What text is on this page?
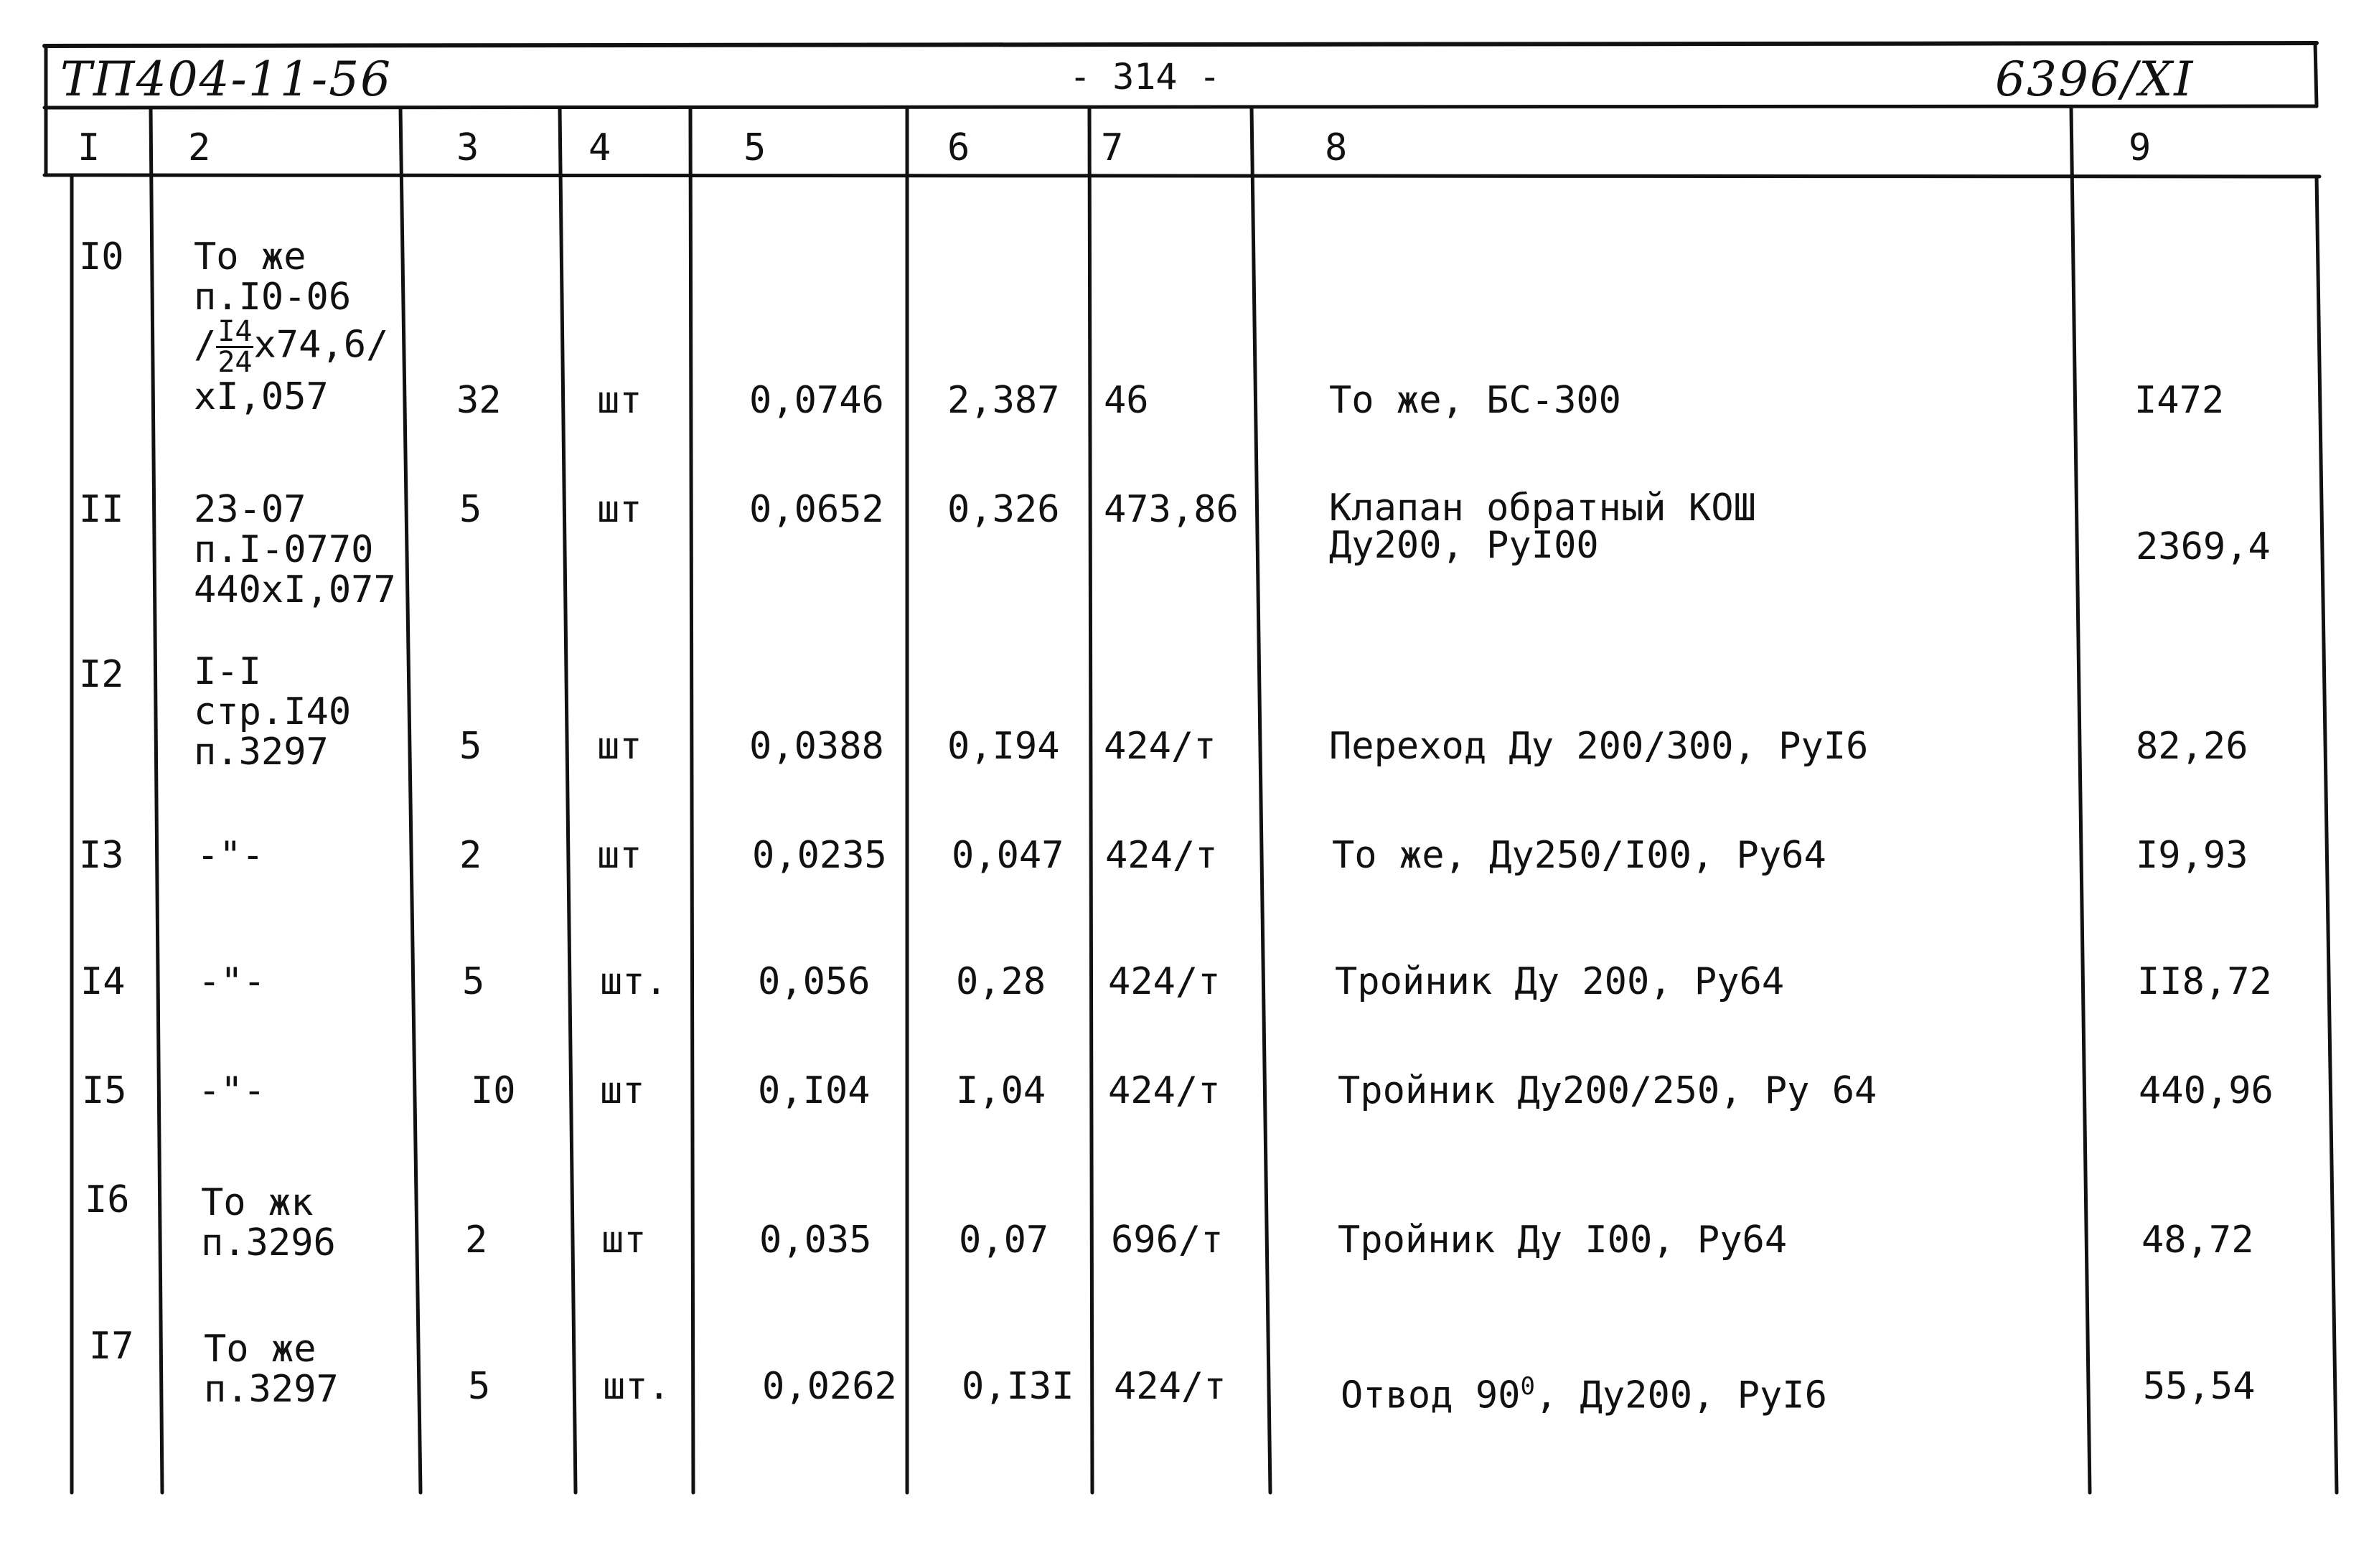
ТП404-11-56	- 314 -	6396/XI
I 2	3	4	5	6	7	8	9
I0 То же
п.I0-06
/ $\frac{I4}{24} x74,6/$
xI,057	32	шт	0,0746 2,387 46	То же, БС-300	I472
II 23-07
п.I-0770
440xI,077
5	шт	0,0652 0,326 473,86 Клапан обратный КОШ
Ду200, РуI00	2369,4
I2 I-I
стр.I40
п.3297	5	шт	0,0388 0,I94 424/т	Переход Ду 200/300, РуI6	82,26
I3 -"-	2	шт	0,0235 0,047 424/т	То же, Ду250/I00, Ру64	I9,93
I4 -"-	5	шт. 0,056 0,28 424/т	Тройник Ду 200, Ру64	II8,72
I5 -"-	I0 шт	0,I04 I,04 424/т	Тройник Ду200/250, Ру 64	440,96
I6 То жк
п.3296	2	шт	0,035 0,07 696/т	Тройник Ду I00, Ру64	48,72
I7 То же
п.3297	5	шт. 0,0262 0,I3I 424/т	Отвод $90^0$, Ду200, РуI6	55,54
